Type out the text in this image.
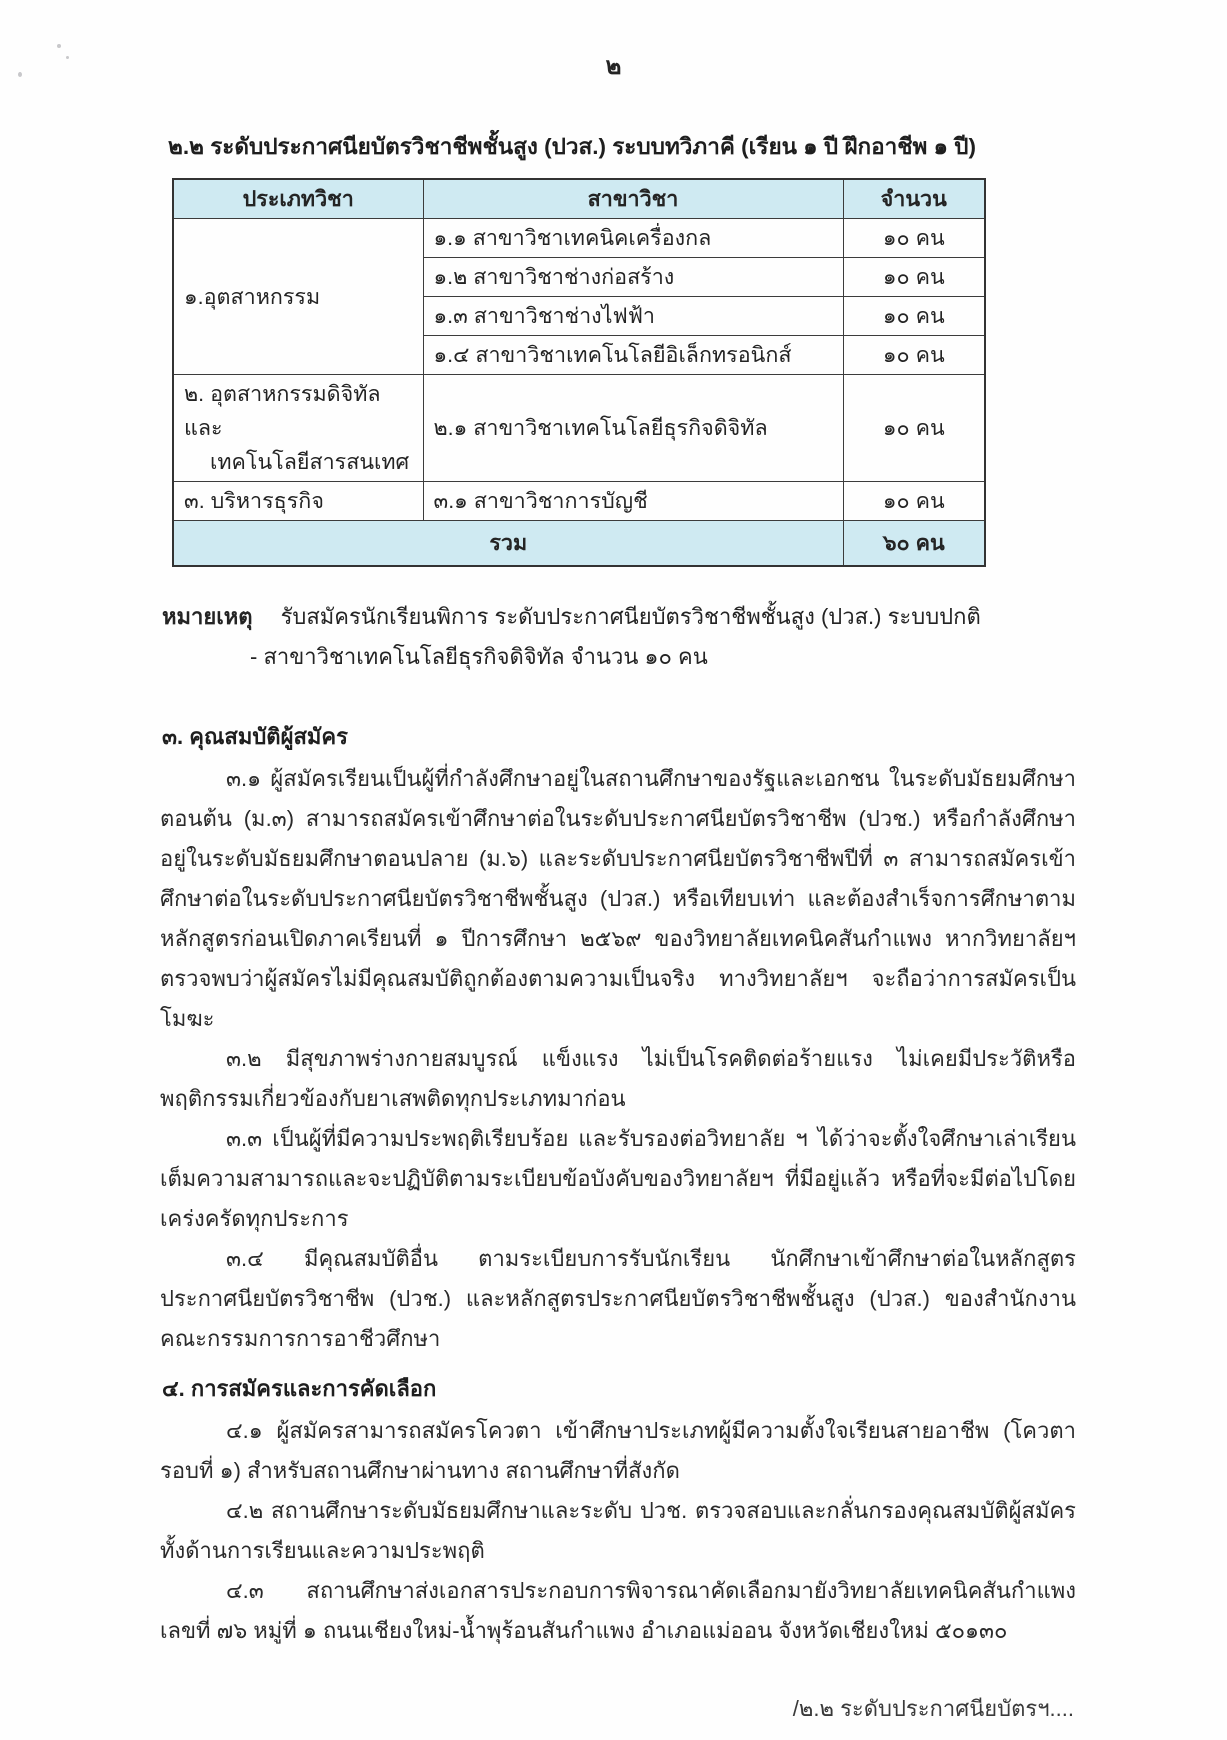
๒
๒.๒ ระดับประกาศนียบัตรวิชาชีพชั้นสูง (ปวส.) ระบบทวิภาคี (เรียน ๑ ปี ฝึกอาชีพ ๑ ปี)
ประเภทวิชา	สาขาวิชา	จำนวน
๑.อุตสาหกรรม	๑.๑ สาขาวิชาเทคนิคเครื่องกล	๑๐ คน
	๑.๒ สาขาวิชาช่างก่อสร้าง	๑๐ คน
	๑.๓ สาขาวิชาช่างไฟฟ้า	๑๐ คน
	๑.๔ สาขาวิชาเทคโนโลยีอิเล็กทรอนิกส์	๑๐ คน
๒. อุตสาหกรรมดิจิทัลและ
เทคโนโลยีสารสนเทศ	๒.๑ สาขาวิชาเทคโนโลยีธุรกิจดิจิทัล	๑๐ คน
๓. บริหารธุรกิจ	๓.๑ สาขาวิชาการบัญชี	๑๐ คน
รวม		๖๐ คน
หมายเหตุ รับสมัครนักเรียนพิการ ระดับประกาศนียบัตรวิชาชีพชั้นสูง (ปวส.) ระบบปกติ
- สาขาวิชาเทคโนโลยีธุรกิจดิจิทัล จำนวน ๑๐ คน
๓. คุณสมบัติผู้สมัคร

๓.๑ ผู้สมัครเรียนเป็นผู้ที่กำลังศึกษาอยู่ในสถานศึกษาของรัฐและเอกชน ในระดับมัธยมศึกษาตอนต้น (ม.๓) สามารถสมัครเข้าศึกษาต่อในระดับประกาศนียบัตรวิชาชีพ (ปวช.) หรือกำลังศึกษาอยู่ในระดับมัธยมศึกษาตอนปลาย (ม.๖) และระดับประกาศนียบัตรวิชาชีพปีที่ ๓ สามารถสมัครเข้าศึกษาต่อในระดับประกาศนียบัตรวิชาชีพชั้นสูง (ปวส.) หรือเทียบเท่า และต้องสำเร็จการศึกษาตามหลักสูตรก่อนเปิดภาคเรียนที่ ๑ ปีการศึกษา ๒๕๖๙ ของวิทยาลัยเทคนิคสันกำแพง หากวิทยาลัยฯ ตรวจพบว่าผู้สมัครไม่มีคุณสมบัติถูกต้องตามความเป็นจริง ทางวิทยาลัยฯ จะถือว่าการสมัครเป็นโมฆะ

๓.๒ มีสุขภาพร่างกายสมบูรณ์ แข็งแรง ไม่เป็นโรคติดต่อร้ายแรง ไม่เคยมีประวัติหรือพฤติกรรมเกี่ยวข้องกับยาเสพติดทุกประเภทมาก่อน

๓.๓ เป็นผู้ที่มีความประพฤติเรียบร้อย และรับรองต่อวิทยาลัย ฯ ได้ว่าจะตั้งใจศึกษาเล่าเรียนเต็มความสามารถและจะปฏิบัติตามระเบียบข้อบังคับของวิทยาลัยฯ ที่มีอยู่แล้ว หรือที่จะมีต่อไปโดยเคร่งครัดทุกประการ

๓.๔ มีคุณสมบัติอื่น ตามระเบียบการรับนักเรียน นักศึกษาเข้าศึกษาต่อในหลักสูตรประกาศนียบัตรวิชาชีพ (ปวช.) และหลักสูตรประกาศนียบัตรวิชาชีพชั้นสูง (ปวส.) ของสำนักงานคณะกรรมการการอาชีวศึกษา

๔. การสมัครและการคัดเลือก

๔.๑ ผู้สมัครสามารถสมัครโควตา เข้าศึกษาประเภทผู้มีความตั้งใจเรียนสายอาชีพ (โควตารอบที่ ๑) สำหรับสถานศึกษาผ่านทาง สถานศึกษาที่สังกัด

๔.๒ สถานศึกษาระดับมัธยมศึกษาและระดับ ปวช. ตรวจสอบและกลั่นกรองคุณสมบัติผู้สมัครทั้งด้านการเรียนและความประพฤติ

๔.๓ สถานศึกษาส่งเอกสารประกอบการพิจารณาคัดเลือกมายังวิทยาลัยเทคนิคสันกำแพง เลขที่ ๗๖ หมู่ที่ ๑ ถนนเชียงใหม่-น้ำพุร้อนสันกำแพง อำเภอแม่ออน จังหวัดเชียงใหม่ ๕๐๑๓๐

/๒.๒ ระดับประกาศนียบัตรฯ....
